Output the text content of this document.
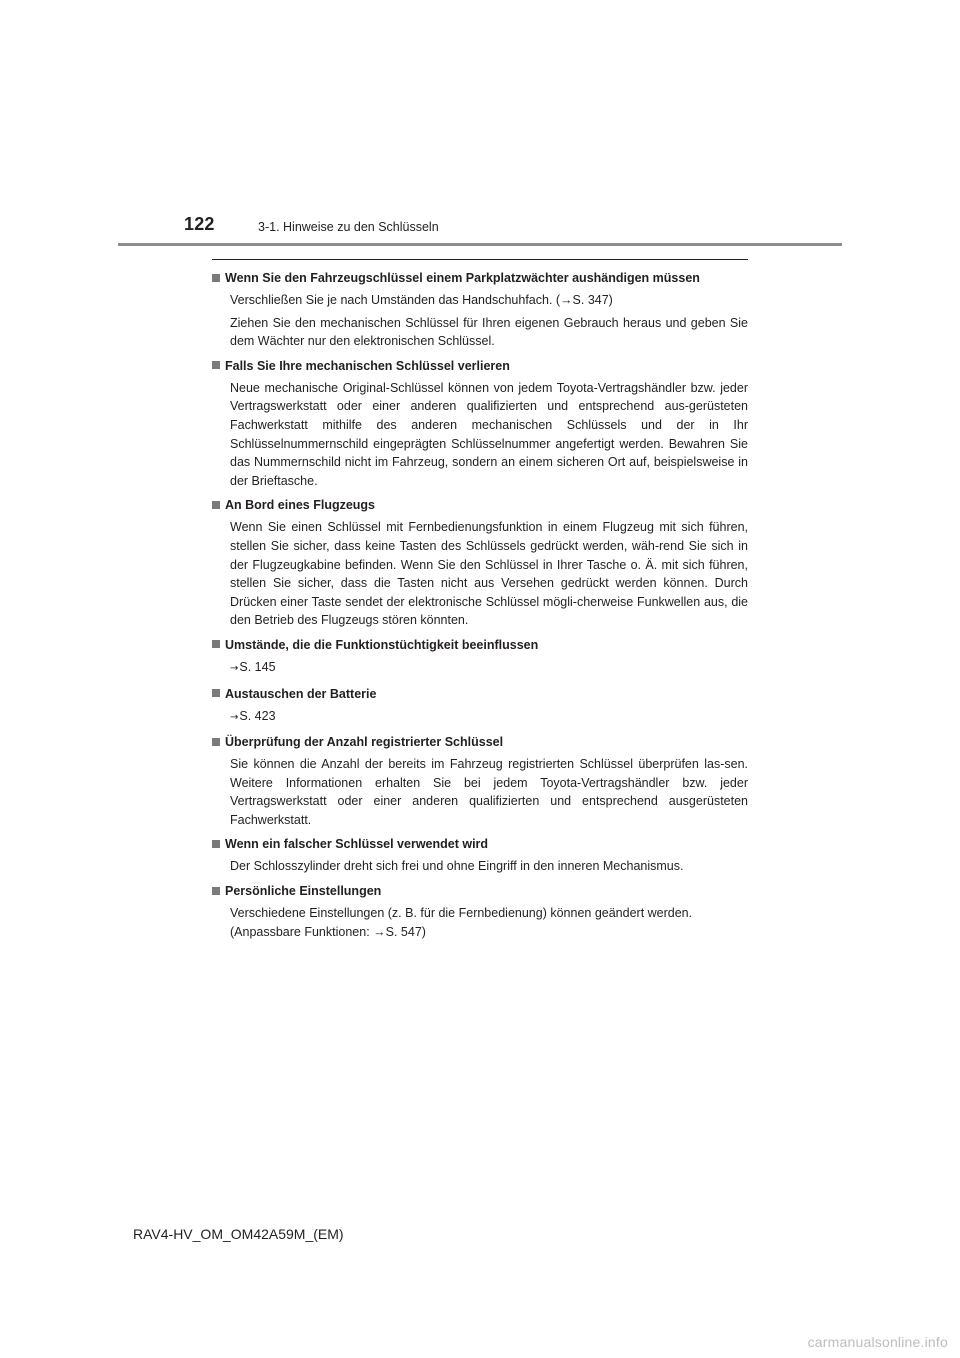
122	3-1. Hinweise zu den Schlüsseln
Wenn Sie den Fahrzeugschlüssel einem Parkplatzwächter aushändigen müssen

Verschließen Sie je nach Umständen das Handschuhfach. (→S. 347)

Ziehen Sie den mechanischen Schlüssel für Ihren eigenen Gebrauch heraus und geben Sie dem Wächter nur den elektronischen Schlüssel.

Falls Sie Ihre mechanischen Schlüssel verlieren

Neue mechanische Original-Schlüssel können von jedem Toyota-Vertragshändler bzw. jeder Vertragswerkstatt oder einer anderen qualifizierten und entsprechend aus-gerüsteten Fachwerkstatt mithilfe des anderen mechanischen Schlüssels und der in Ihr Schlüsselnummernschild eingeprägten Schlüsselnummer angefertigt werden. Bewahren Sie das Nummernschild nicht im Fahrzeug, sondern an einem sicheren Ort auf, beispielsweise in der Brieftasche.

An Bord eines Flugzeugs

Wenn Sie einen Schlüssel mit Fernbedienungsfunktion in einem Flugzeug mit sich führen, stellen Sie sicher, dass keine Tasten des Schlüssels gedrückt werden, wäh-rend Sie sich in der Flugzeugkabine befinden. Wenn Sie den Schlüssel in Ihrer Tasche o. Ä. mit sich führen, stellen Sie sicher, dass die Tasten nicht aus Versehen gedrückt werden können. Durch Drücken einer Taste sendet der elektronische Schlüssel mögli-cherweise Funkwellen aus, die den Betrieb des Flugzeugs stören könnten.

Umstände, die die Funktionstüchtigkeit beeinflussen

→S. 145

Austauschen der Batterie

→S. 423

Überprüfung der Anzahl registrierter Schlüssel

Sie können die Anzahl der bereits im Fahrzeug registrierten Schlüssel überprüfen las-sen. Weitere Informationen erhalten Sie bei jedem Toyota-Vertragshändler bzw. jeder Vertragswerkstatt oder einer anderen qualifizierten und entsprechend ausgerüsteten Fachwerkstatt.

Wenn ein falscher Schlüssel verwendet wird

Der Schlosszylinder dreht sich frei und ohne Eingriff in den inneren Mechanismus.

Persönliche Einstellungen

Verschiedene Einstellungen (z. B. für die Fernbedienung) können geändert werden.

(Anpassbare Funktionen: →S. 547)

RAV4-HV_OM_OM42A59M_(EM)
carmanualsonline.info
